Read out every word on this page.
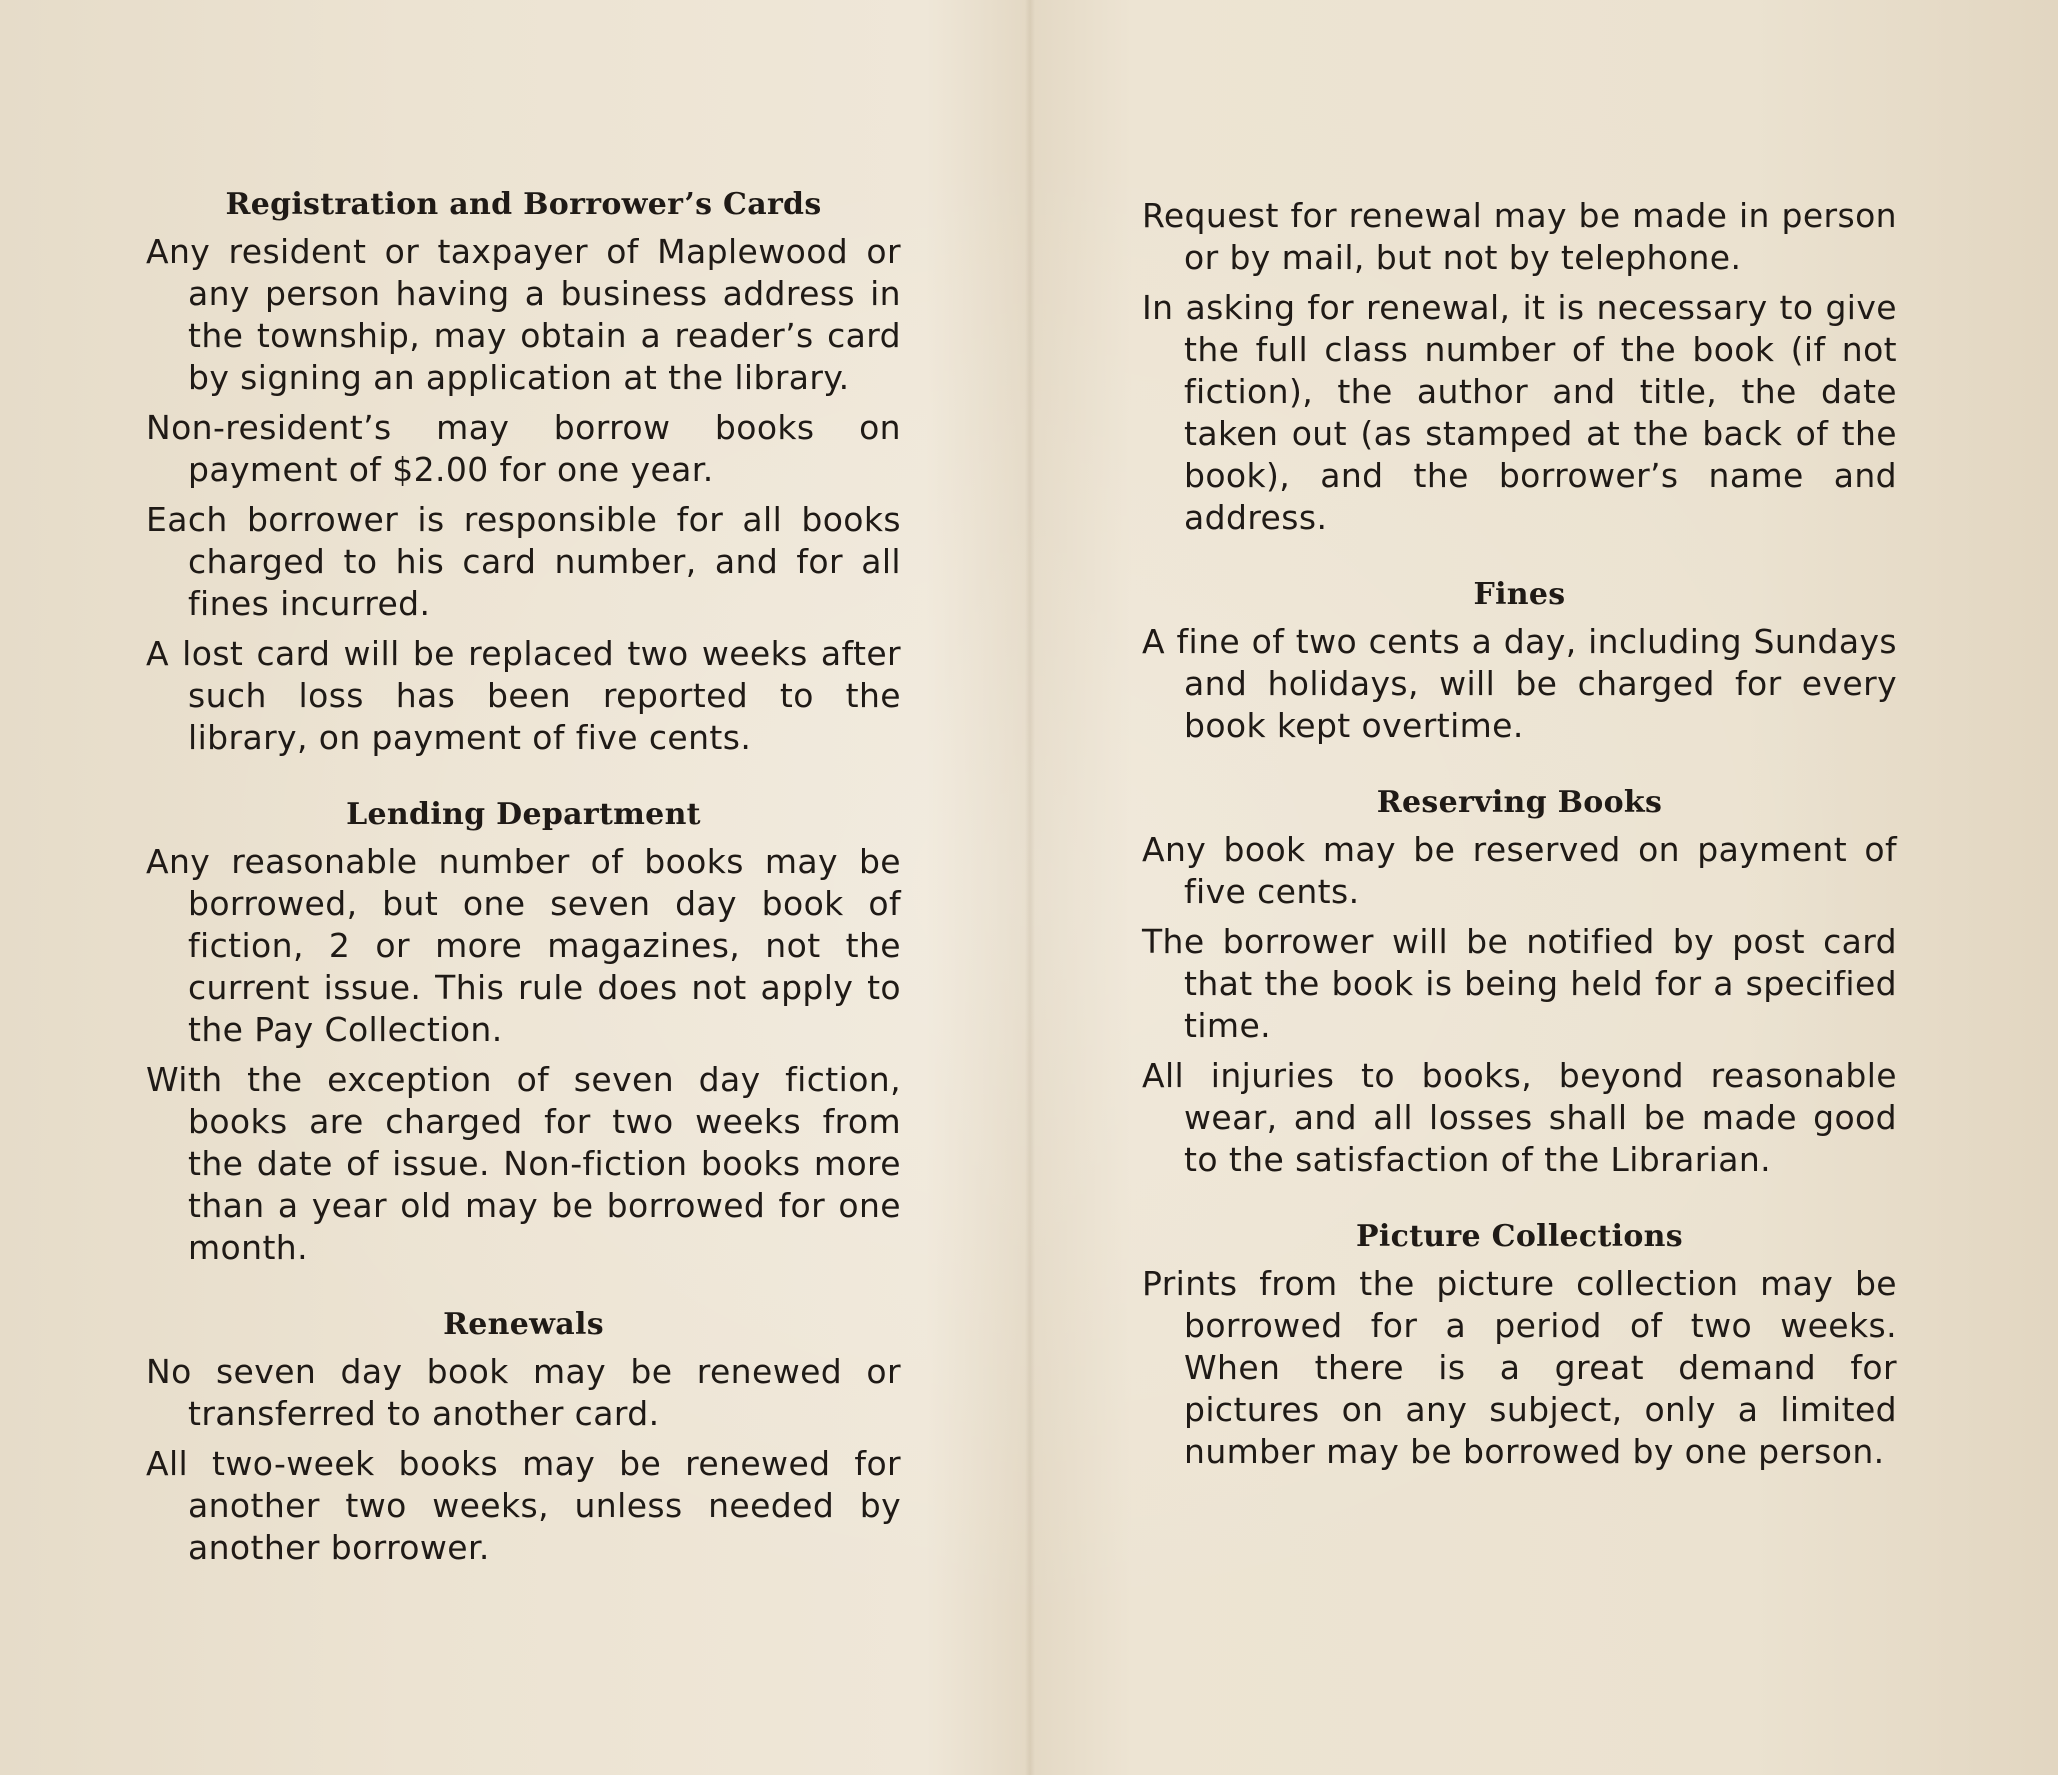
Registration and Borrower’s Cards

Any resident or taxpayer of Maplewood or any person having a business address in the township, may obtain a reader’s card by signing an application at the library.

Non-resident’s may borrow books on payment of $2.00 for one year.

Each borrower is responsible for all books charged to his card number, and for all fines incurred.

A lost card will be replaced two weeks after such loss has been reported to the library, on payment of five cents.

Lending Department

Any reasonable number of books may be borrowed, but one seven day book of fiction, 2 or more magazines, not the current issue. This rule does not apply to the Pay Collection.

With the exception of seven day fiction, books are charged for two weeks from the date of issue. Non-fiction books more than a year old may be borrowed for one month.

Renewals

No seven day book may be renewed or transferred to another card.

All two-week books may be renewed for another two weeks, unless needed by another borrower.

Request for renewal may be made in person or by mail, but not by telephone.

In asking for renewal, it is necessary to give the full class number of the book (if not fiction), the author and title, the date taken out (as stamped at the back of the book), and the borrower’s name and address.

Fines

A fine of two cents a day, including Sundays and holidays, will be charged for every book kept overtime.

Reserving Books

Any book may be reserved on payment of five cents.

The borrower will be notified by post card that the book is being held for a specified time.

All injuries to books, beyond reasonable wear, and all losses shall be made good to the satisfaction of the Librarian.

Picture Collections

Prints from the picture collection may be borrowed for a period of two weeks. When there is a great demand for pictures on any subject, only a limited number may be borrowed by one person.
